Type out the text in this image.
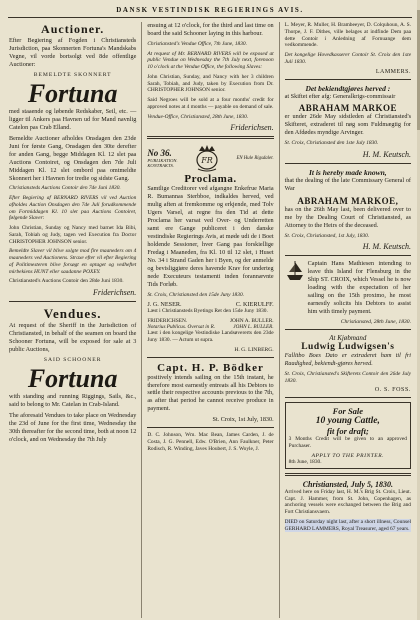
DANSK VESTINDISK REGIERINGS AVIS.
Auctioner.

Efter Begiering af Fogden i Christiansteds Jurisdiction, paa Skonnerten Fortuna's Mandskabs Vegne, vil vorde bortsolgt ved 8de offentlige Auctioner:

BEMELDTE SKONNERT
Fortuna

med staaende og løbende Redskaber, Seil, etc. — ligger til Ankers paa Havnen ud for Mand navnlig Catelon pas Crab Elland.

Bemeldte Auctioner afholdes Onsdagen den 23de Juni for første Gang, Onsdagen den 30te derefter for anden Gang, begge Middagen Kl. 12 slet paa Auctions Contoiret, og Onsdagen den 7de Juli Middagen Kl. 12 slet ombord paa omtmeldte Skonnert her i Havnen for tredie og sidste Gang.

Christiansteds Auctions Contoir den 7de Juni 1830.

Efter Begiering af BERNARD RIVERS vil ved Auction afholdes Auction Onsdagen den 7de Juli forudkommende om Formiddagen Kl. 10 slet paa Auctions Contoiret, følgende Slaver:

John Christian, Sunday og Nancy med barnet Ida Bibi, Sarah, Tobiah og Judy, tagen ved Execution fra Doctor CHRISTOPHER JOHNSON senior.

Bemeldte Slaver vil blive solgte mod fire maaneders om 4 maaneders ved Auctionens. Straxe efter vil efter Begiering af Politimesteren blive forsøgt en optaget og vedheftet mirbekiens HUNT eller saadanne POXEY.

Christiansted's Auctions Contoir den 28de Juni 1830.

Friderichsen.
Vendues.

At request of the Sheriff in the Jurisdiction of Christiansted, in behalf of the seamen on board the Schooner Fortuna, will be exposed for sale at 3 public Auctions,

SAID SCHOONER
Fortuna

with standing and running Riggings, Sails, &c., said to belong to Mr. Catelan in Crab-Island.

The aforesaid Vendues to take place on Wednesday the 23d of June for the first time, Wednesday the 30th thereafter for the second time, both at noon 12 o'clock, and on Wednesday the 7th July

ensuing at 12 o'clock, for the third and last time on board the said Schooner laying in this harbour.

Christiansted's Vendue Office, 7th June, 1830.

At request of Mr. BERNARD RIVERS will be exposed at public Vendue on Wednesday the 7th July next, forenoon 10 o'clock at the Vendue Office, the following Slaves:

John Christian, Sunday, and Nancy with her 3 children Sarah, Tobiah, and Judy, taken by Execution from Dr. CHRISTOPHER JOHNSON senior.

Said Negroes will be sold at a four months' credit for approved notes at 4 months — payable on demand of sale.

Vendue-Office, Christiansted, 28th June, 1830.

Friderichsen.
No 36.
PUBLIKATION.
KONTRAKTS.
FR	EN Hule Rigsdaler.
Proclama.

Samtlige Creditorer ved afgangne Enkefrue Maria R. Bumannas Sterbboe, indkaldes herved, ved mulig aften at fremkomme og erkjende, med Tolv Ugers Varsel, at regne fra den Tid at dette Proclama her varsat ved Over- og Underretten samt ere Gange publiceret i den danske vestindiske Regierings Avis, at møde udi de i Boet holdende Sessioner, hver Gang paa forskiellige Fredag i Maaneden, fra Kl. 10 til 12 slet, i Huset No. 34 i Strand Gaden her i Byen, og der anmelde og bevisliggiøre deres havende Krav for underteg nede Executeurs testamenti inden forannævnte Tids Forløb.

St. Croix, Christiansted den 15de Juny 1830.

J. G. NESER.	C. KIERULFF.

Læst i Christiansteds Byetings Ret den 15de Juny 1830.

FRIDERICHSEN.	JOHN A. BULLER.
Notarius Publicus. Oversat in R.	JOHN L. BULLER.

Læst i den kongelige Vestindiske Landsøvererts den 23de Juny 1830. — Actum ut supra.

H. G. LINBERG.
Capt. H. P. Bödker

positively intends sailing on the 15th instant, he therefore most earnestly entreats all his Debtors to settle their respective accounts previous to the 7th, as after that period he cannot receive produce in payment.

St. Croix, 1st July, 1830.

D. C. Johnson, Wm. Mac Bean, James Carden, J. de Costa, J. G. Pennell, Edw. O'Brien, Ann Faulkner, Peter Rodisch, R. Winding, Javes Houbert, J. S. Woyle, J.

L. Meyer, R. Muller, H. Brambeeyer, D. Colquhoun, A. S. Thorpe, J. F. Dithes, ville belages at indfinde Dem paa dette Contoir i Anledning af Fornuange dem vedkommende.

Det kongelige Hovedkasserer Contoir St. Croix den 1ste Juli 1830.

LAMMERS.
Det bekiendtgjøres herved :

at Skiftet efter afg: Generalkrigs-commissair

ABRAHAM MARKOE

er under 26de May sidstleden af Christiansted's Skifteret, extraderet til nøg som Fuldmægtig for den Afdødes myndige Arvinger.

St. Croix, Christiansted den 1ste July 1830.

H. M. Keutsch.
It is hereby made known,

that the dealing of the late Commissary General of War

ABRAHAM MARKOE,

has on the 26th May last, been delivered over to me by the Dealing Court of Christiansted, as Attorney to the Heirs of the deceased.

St. Croix, Christiansted, 1st July, 1830.

H. M. Keutsch.

Captain Hans Mathiesen intending to leave this Island for Flensburg in the Ship ST. CROIX, which Vessel he is now loading with the expectation of her sailing on the 15th proximo, he most earnestly solicits his Debtors to assist him with timely payment.

Christiansted, 28th June, 1830.
At Kjøbmand
Ludwig Ludwigsen's

Fallitbo Boes Dato er extraderet ham til fri Raadighed, bekiendt-gjøres herved.

St. Croix, Christiansted's Skifterets Contoir den 26de July 1830.

O. S. FOSS.
For Sale
10 young Cattle,
fit for draft;

3 Months Credit will be given to an approved Purchaser.

APPLY TO THE PRINTER.
8th June, 1830.
Christiansted, July 5, 1830.

Arrived here on Friday last, H. M.'s Brig St. Croix, Lieut. Capt. J. Hammer, from St. John, Copenhagen, as anchoring vessels were exchanged between the Brig and Fort Christiansvaern.

DIED on Saturday night last, after a short illness, Counsel GERHARD LAMMERS, Royal Treasurer, aged 67 years.
